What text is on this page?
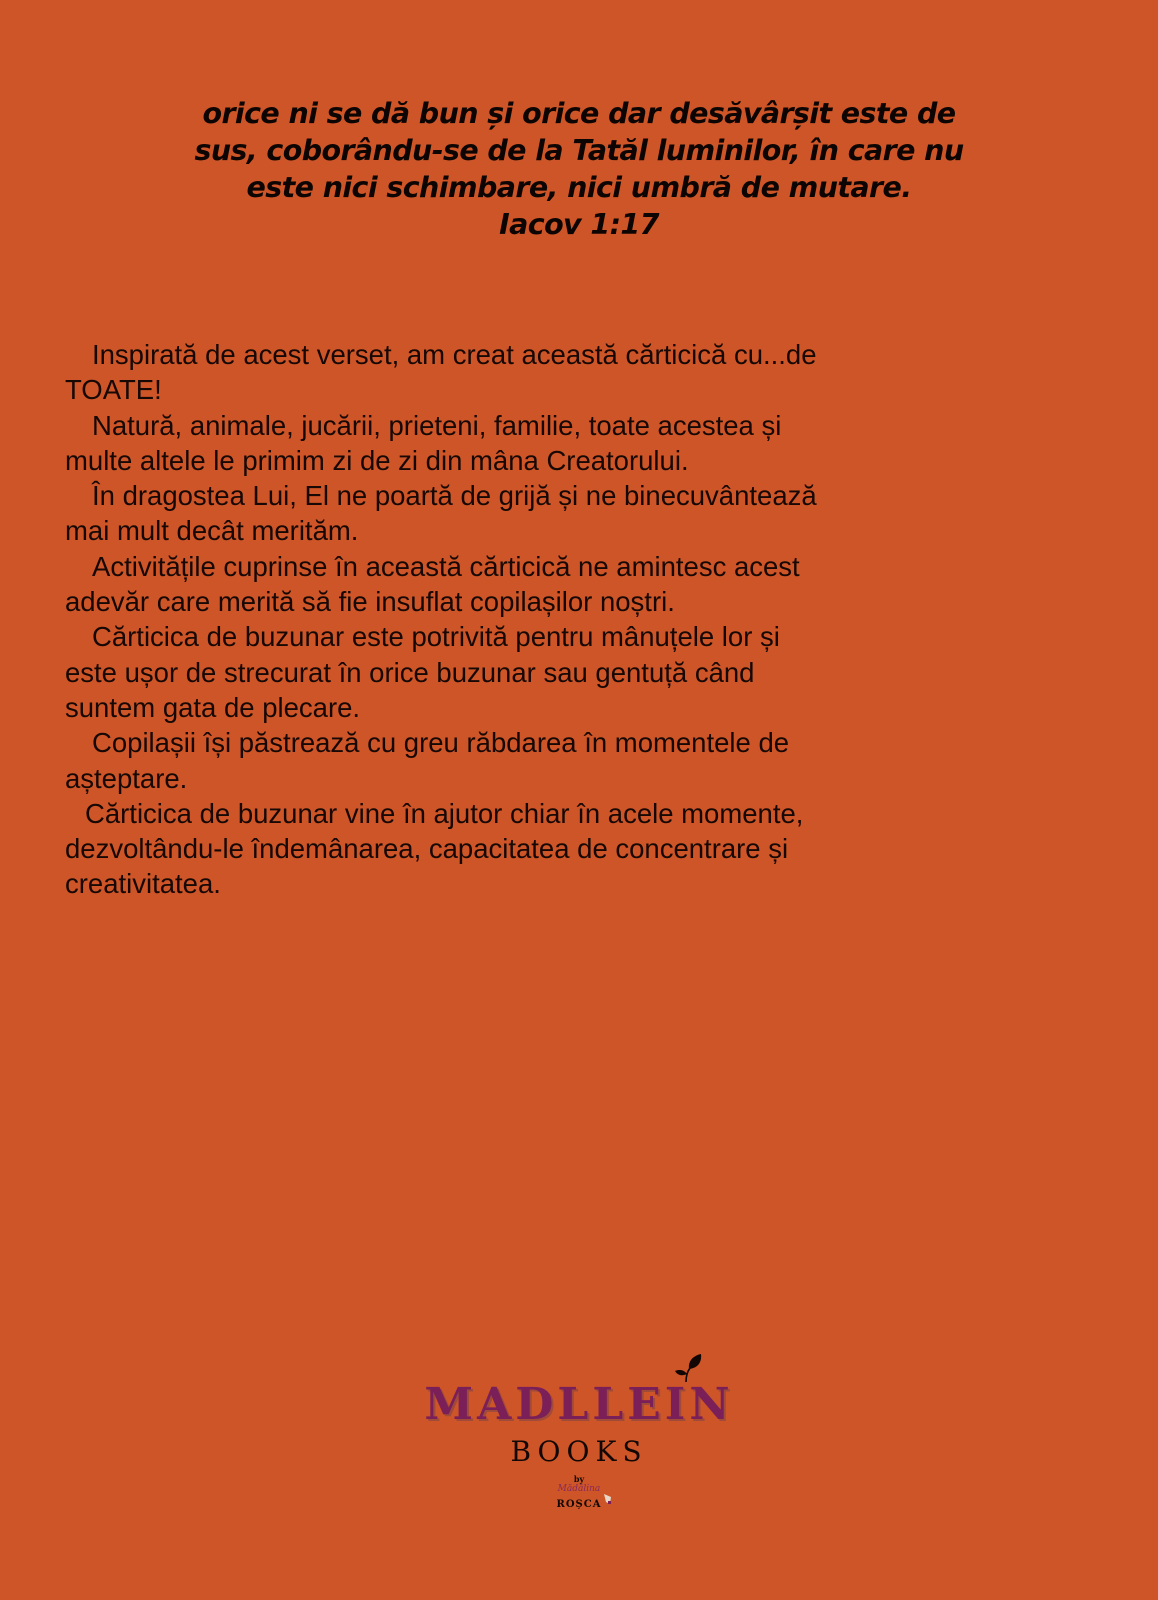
orice ni se dă bun și orice dar desăvârșit este de
sus, coborându-se de la Tatăl luminilor, în care nu
este nici schimbare, nici umbră de mutare.
Iacov 1:17
Inspirată de acest verset, am creat această cărticică cu...de
TOATE!
Natură, animale, jucării, prieteni, familie, toate acestea și
multe altele le primim zi de zi din mâna Creatorului.
În dragostea Lui, El ne poartă de grijă și ne binecuvântează
mai mult decât merităm.
Activitățile cuprinse în această cărticică ne amintesc acest
adevăr care merită să fie insuflat copilașilor noștri.
Cărticica de buzunar este potrivită pentru mânuțele lor și
este ușor de strecurat în orice buzunar sau gentuță când
suntem gata de plecare.
Copilașii își păstrează cu greu răbdarea în momentele de
așteptare.
Cărticica de buzunar vine în ajutor chiar în acele momente,
dezvoltându-le îndemânarea, capacitatea de concentrare și
creativitatea.
MADLLEIN
BOOKS
by
Mădălina
ROȘCA
